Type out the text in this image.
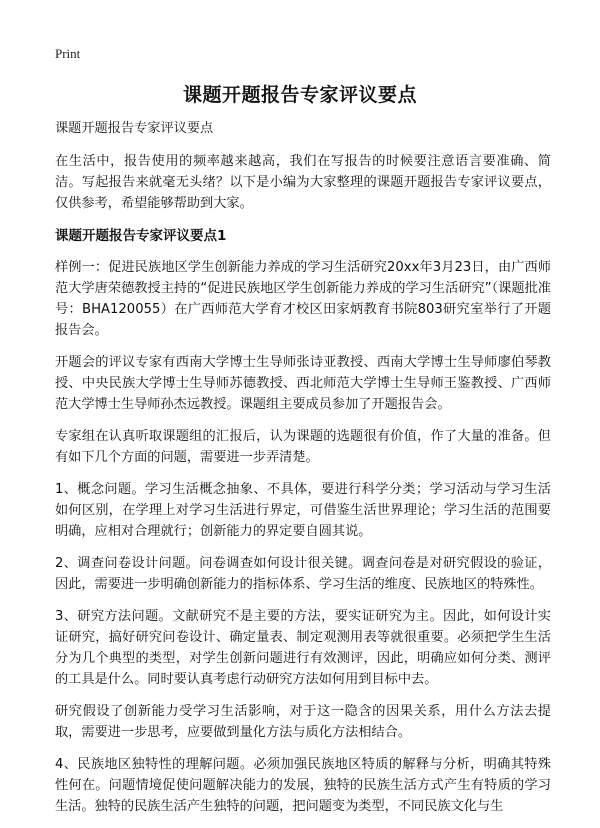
Print
课题开题报告专家评议要点

课题开题报告专家评议要点

在生活中，报告使用的频率越来越高，我们在写报告的时候要注意语言要准确、简洁。写起报告来就毫无头绪？以下是小编为大家整理的课题开题报告专家评议要点，仅供参考，希望能够帮助到大家。

课题开题报告专家评议要点1

样例一：促进民族地区学生创新能力养成的学习生活研究20xx年3月23日，由广西师范大学唐荣德教授主持的“促进民族地区学生创新能力养成的学习生活研究”（课题批准号：BHA120055）在广西师范大学育才校区田家炳教育书院803研究室举行了开题报告会。

开题会的评议专家有西南大学博士生导师张诗亚教授、西南大学博士生导师廖伯琴教授、中央民族大学博士生导师苏德教授、西北师范大学博士生导师王鉴教授、广西师范大学博士生导师孙杰远教授。课题组主要成员参加了开题报告会。

专家组在认真听取课题组的汇报后，认为课题的选题很有价值，作了大量的准备。但有如下几个方面的问题，需要进一步弄清楚。

1、概念问题。学习生活概念抽象、不具体，要进行科学分类；学习活动与学习生活如何区别，在学理上对学习生活进行界定，可借鉴生活世界理论；学习生活的范围要明确，应相对合理就行；创新能力的界定要自圆其说。

2、调查问卷设计问题。问卷调查如何设计很关键。调查问卷是对研究假设的验证，因此，需要进一步明确创新能力的指标体系、学习生活的维度、民族地区的特殊性。

3、研究方法问题。文献研究不是主要的方法，要实证研究为主。因此，如何设计实证研究，搞好研究问卷设计、确定量表、制定观测用表等就很重要。必须把学生生活分为几个典型的类型，对学生创新问题进行有效测评，因此，明确应如何分类、测评的工具是什么。同时要认真考虑行动研究方法如何用到目标中去。

研究假设了创新能力受学习生活影响，对于这一隐含的因果关系，用什么方法去提取，需要进一步思考，应要做到量化方法与质化方法相结合。

4、民族地区独特性的理解问题。必须加强民族地区特质的解释与分析，明确其特殊性何在。问题情境促使问题解决能力的发展，独特的民族生活方式产生有特质的学习生活。独特的民族生活产生独特的问题，把问题变为类型，不同民族文化与生
